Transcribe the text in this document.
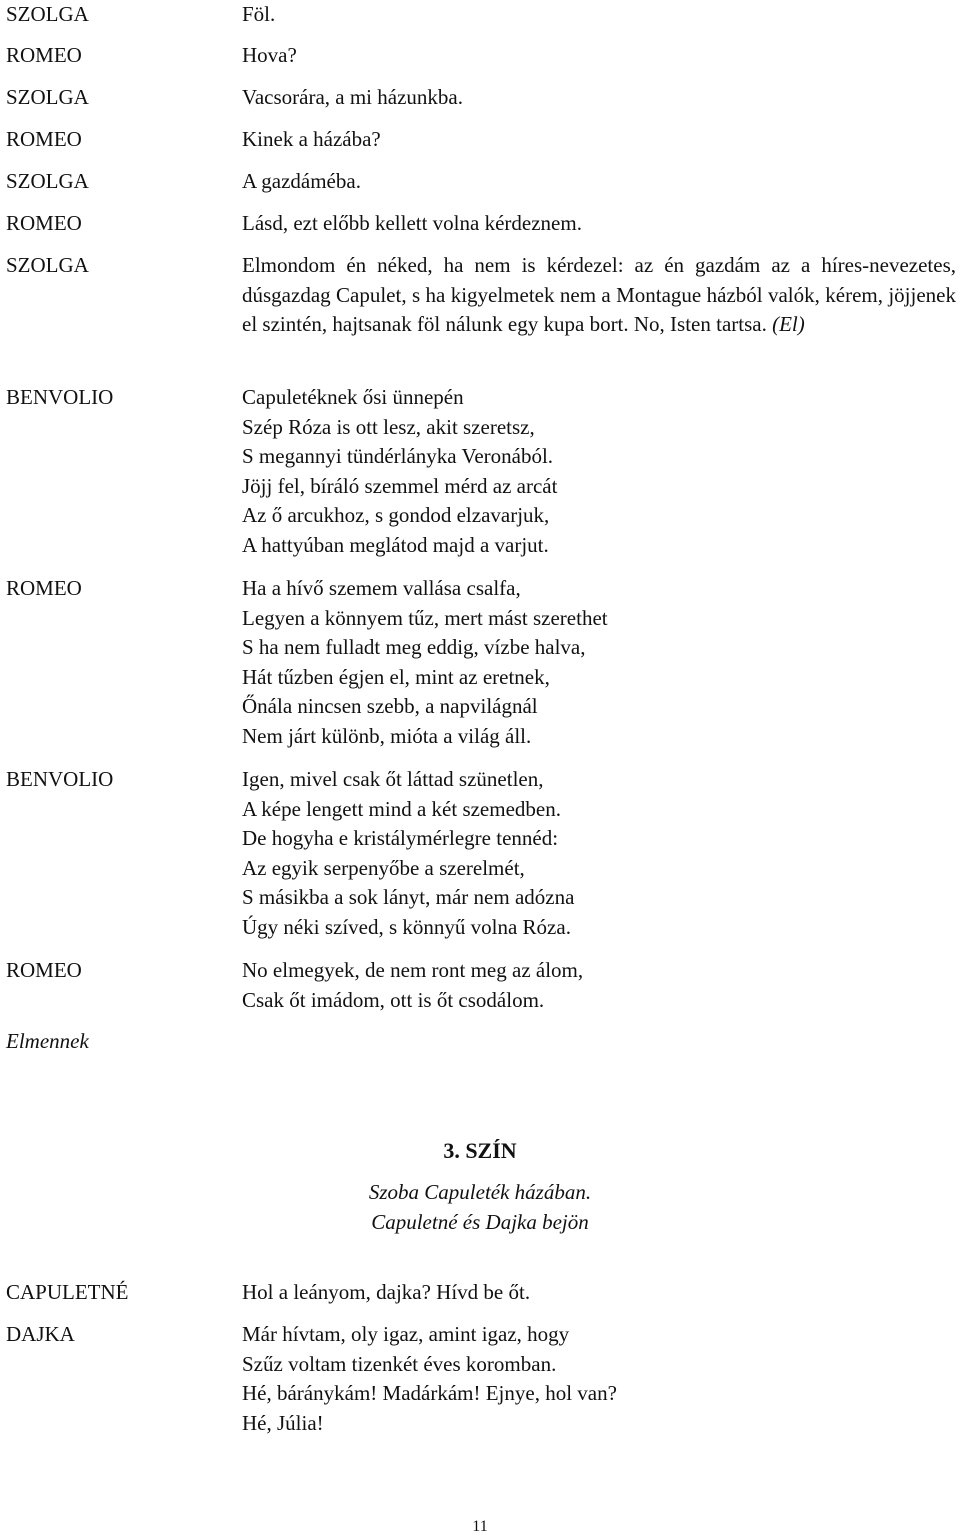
SZOLGA	Föl.
ROMEO	Hova?
SZOLGA	Vacsorára, a mi házunkba.
ROMEO	Kinek a házába?
SZOLGA	A gazdáméba.
ROMEO	Lásd, ezt előbb kellett volna kérdeznem.
SZOLGA	Elmondom én néked, ha nem is kérdezel: az én gazdám az a híres-nevezetes, dúsgazdag Capulet, s ha kigyelmetek nem a Montague házból valók, kérem, jöjjenek el szintén, hajtsanak föl nálunk egy kupa bort. No, Isten tartsa. (El)
BENVOLIO	Capuletéknek ősi ünnepén
Szép Róza is ott lesz, akit szeretsz,
S megannyi tündérlányka Veronából.
Jöjj fel, bíráló szemmel mérd az arcát
Az ő arcukhoz, s gondod elzavarjuk,
A hattyúban meglátod majd a varjut.
ROMEO	Ha a hívő szemem vallása csalfa,
Legyen a könnyem tűz, mert mást szerethet
S ha nem fulladt meg eddig, vízbe halva,
Hát tűzben égjen el, mint az eretnek,
Őnála nincsen szebb, a napvilágnál
Nem járt különb, mióta a világ áll.
BENVOLIO	Igen, mivel csak őt láttad szünetlen,
A képe lengett mind a két szemedben.
De hogyha e kristálymérlegre tennéd:
Az egyik serpenyőbe a szerelmét,
S másikba a sok lányt, már nem adózna
Úgy néki szíved, s könnyű volna Róza.
ROMEO	No elmegyek, de nem ront meg az álom,
Csak őt imádom, ott is őt csodálom.
Elmennek
3. SZÍN
Szoba Capuleték házában.
Capuletné és Dajka bejön
CAPULETNÉ	Hol a leányom, dajka? Hívd be őt.
DAJKA	Már hívtam, oly igaz, amint igaz, hogy
Szűz voltam tizenkét éves koromban.
Hé, báránykám! Madárkám! Ejnye, hol van?
Hé, Júlia!
11
